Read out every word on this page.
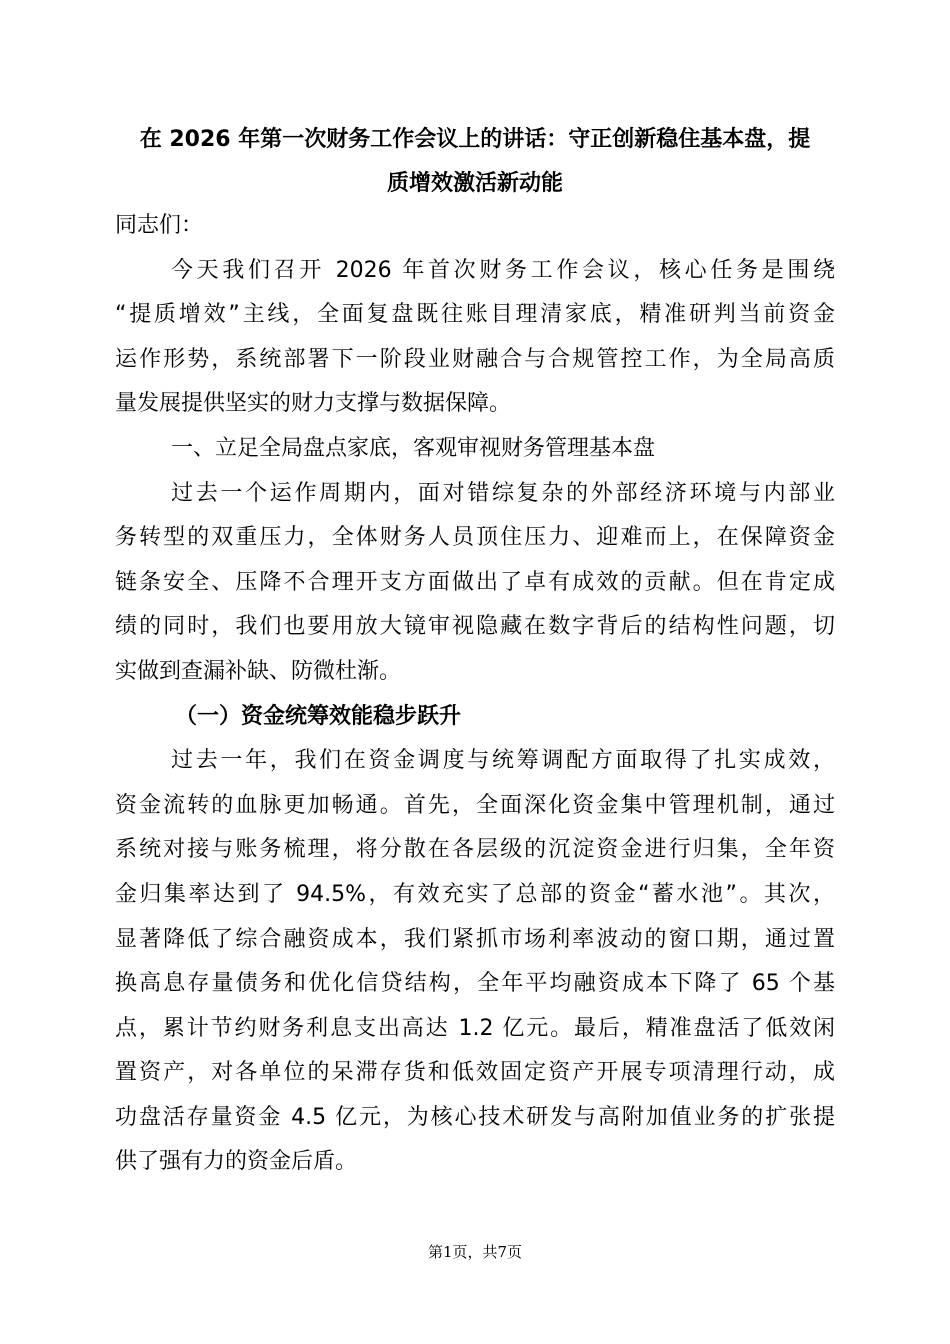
在 2026 年第一次财务工作会议上的讲话：守正创新稳住基本盘，提
质增效激活新动能
同志们：
今天我们召开 2026 年首次财务工作会议，核心任务是围绕
“提质增效”主线，全面复盘既往账目理清家底，精准研判当前资金
运作形势，系统部署下一阶段业财融合与合规管控工作，为全局高质
量发展提供坚实的财力支撑与数据保障。
一、立足全局盘点家底，客观审视财务管理基本盘
过去一个运作周期内，面对错综复杂的外部经济环境与内部业
务转型的双重压力，全体财务人员顶住压力、迎难而上，在保障资金
链条安全、压降不合理开支方面做出了卓有成效的贡献。但在肯定成
绩的同时，我们也要用放大镜审视隐藏在数字背后的结构性问题，切
实做到查漏补缺、防微杜渐。
（一）资金统筹效能稳步跃升
过去一年，我们在资金调度与统筹调配方面取得了扎实成效，
资金流转的血脉更加畅通。首先，全面深化资金集中管理机制，通过
系统对接与账务梳理，将分散在各层级的沉淀资金进行归集，全年资
金归集率达到了 94.5%，有效充实了总部的资金“蓄水池”。其次，
显著降低了综合融资成本，我们紧抓市场利率波动的窗口期，通过置
换高息存量债务和优化信贷结构，全年平均融资成本下降了 65 个基
点，累计节约财务利息支出高达 1.2 亿元。最后，精准盘活了低效闲
置资产，对各单位的呆滞存货和低效固定资产开展专项清理行动，成
功盘活存量资金 4.5 亿元，为核心技术研发与高附加值业务的扩张提
供了强有力的资金后盾。
第1页，共7页
